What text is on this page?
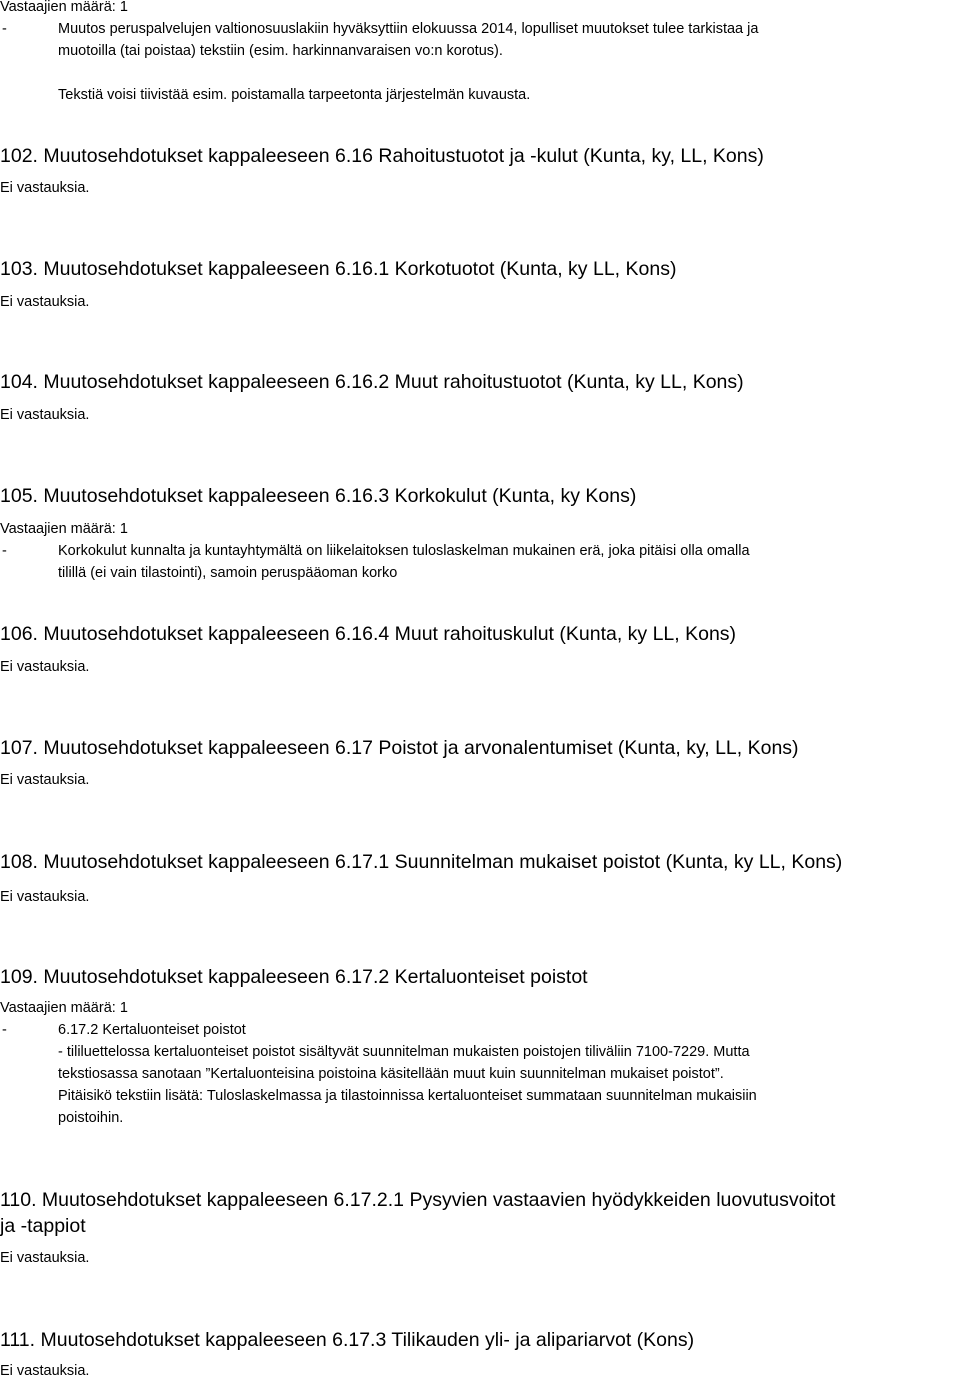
Vastaajien määrä: 1
-	Muutos peruspalvelujen valtionosuuslakiin hyväksyttiin elokuussa 2014, lopulliset muutokset tulee tarkistaa ja
muotoilla (tai poistaa) tekstiin (esim. harkinnanvaraisen vo:n korotus).

Tekstiä voisi tiivistää esim. poistamalla tarpeetonta järjestelmän kuvausta.
102. Muutosehdotukset kappaleeseen 6.16 Rahoitustuotot ja -kulut (Kunta, ky, LL, Kons)
Ei vastauksia.
103. Muutosehdotukset kappaleeseen 6.16.1 Korkotuotot (Kunta, ky LL, Kons)
Ei vastauksia.
104. Muutosehdotukset kappaleeseen 6.16.2 Muut rahoitustuotot (Kunta, ky LL, Kons)
Ei vastauksia.
105. Muutosehdotukset kappaleeseen 6.16.3 Korkokulut (Kunta, ky Kons)
Vastaajien määrä: 1
-	Korkokulut kunnalta ja kuntayhtymältä on liikelaitoksen tuloslaskelman mukainen erä, joka pitäisi olla omalla
tilillä (ei vain tilastointi), samoin peruspääoman korko
106. Muutosehdotukset kappaleeseen 6.16.4 Muut rahoituskulut (Kunta, ky LL, Kons)
Ei vastauksia.
107. Muutosehdotukset kappaleeseen 6.17 Poistot ja arvonalentumiset (Kunta, ky, LL, Kons)
Ei vastauksia.
108. Muutosehdotukset kappaleeseen 6.17.1 Suunnitelman mukaiset poistot (Kunta, ky LL, Kons)
Ei vastauksia.
109. Muutosehdotukset kappaleeseen 6.17.2 Kertaluonteiset poistot
Vastaajien määrä: 1
-	6.17.2 Kertaluonteiset poistot
- tililuettelossa kertaluonteiset poistot sisältyvät suunnitelman mukaisten poistojen tiliväliin 7100-7229. Mutta
tekstiosassa sanotaan ”Kertaluonteisina poistoina käsitellään muut kuin suunnitelman mukaiset poistot”.
Pitäisikö tekstiin lisätä: Tuloslaskelmassa ja tilastoinnissa kertaluonteiset summataan suunnitelman mukaisiin
poistoihin.
110. Muutosehdotukset kappaleeseen 6.17.2.1 Pysyvien vastaavien hyödykkeiden luovutusvoitot
ja -tappiot
Ei vastauksia.
111. Muutosehdotukset kappaleeseen 6.17.3 Tilikauden yli- ja alipariarvot (Kons)
Ei vastauksia.
